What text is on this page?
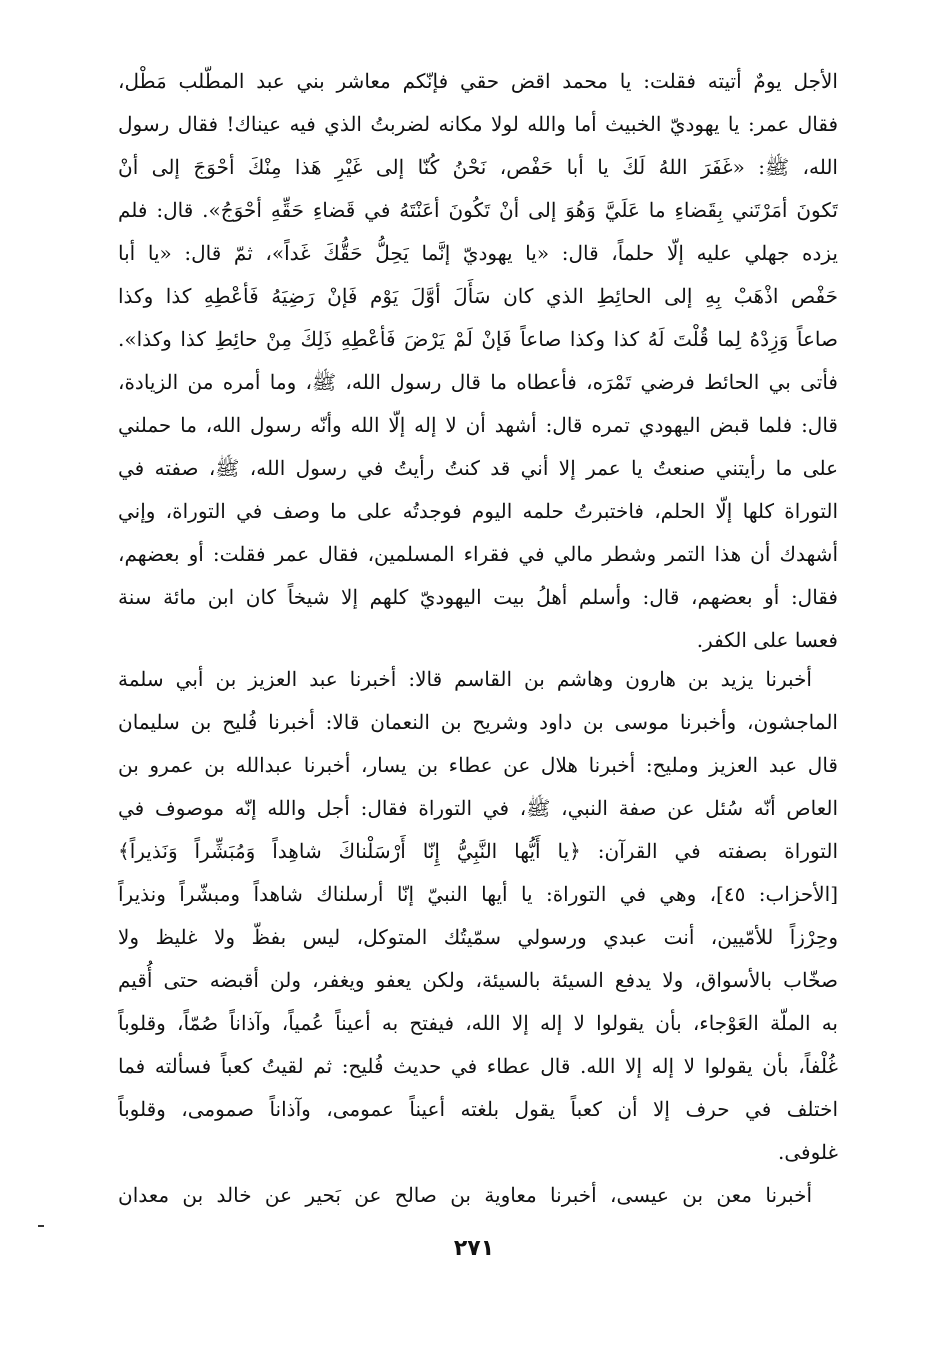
الأجل يومٌ أتيته فقلت: يا محمد اقض حقي فإنّكم معاشر بني عبد المطّلب مَطْل،
فقال عمر: يا يهوديّ الخبيث أما والله لولا مكانه لضربتُ الذي فيه عيناك! فقال رسول
الله، ﷺ: «غَفَرَ اللهُ لَكَ يا أبا حَفْص، نَحْنُ كُنّا إلى غَيْرِ هَذا مِنْكَ أحْوَجَ إلى أنْ
تَكونَ أمَرْتَني بِقَضاءِ ما عَلَيَّ وَهُوَ إلى أنْ تَكُونَ أعَنْتَهُ في قَضاءِ حَقِّهِ أحْوَجُ». قال: فلم
يزده جهلي عليه إلّا حلماً، قال: «يا يهوديّ إنَّما يَحِلُّ حَقُّكَ غَداً»، ثمّ قال: «يا أبا
حَفْص اذْهَبْ بِهِ إلى الحائِطِ الذي كان سَأَلَ أوَّلَ يَوْم فَإنْ رَضِيَهُ فَأعْطِهِ كذا وكذا
صاعاً وَزِدْهُ لِما قُلْتَ لَهُ كذا وكذا صاعاً فَإنْ لَمْ يَرْضَ فَأعْطِهِ ذَلِكَ مِنْ حائِطِ كذا وكذا».
فأتى بي الحائط فرضي تَمْرَه، فأعطاه ما قال رسول الله، ﷺ، وما أمره من الزيادة،
قال: فلما قبض اليهودي تمره قال: أشهد أن لا إله إلّا الله وأنّه رسول الله، ما حملني
على ما رأيتني صنعتُ يا عمر إلا أني قد كنتُ رأيتُ في رسول الله، ﷺ، صفته في
التوراة كلها إلّا الحلم، فاختبرتُ حلمه اليوم فوجدتُه على ما وصف في التوراة، وإني
أشهدك أن هذا التمر وشطر مالي في فقراء المسلمين، فقال عمر فقلت: أو بعضهم،
فقال: أو بعضهم، قال: وأسلم أهلُ بيت اليهوديّ كلهم إلا شيخاً كان ابن مائة سنة
فعسا على الكفر.
أخبرنا يزيد بن هارون وهاشم بن القاسم قالا: أخبرنا عبد العزيز بن أبي سلمة
الماجشون، وأخبرنا موسى بن داود وشريح بن النعمان قالا: أخبرنا فُليح بن سليمان
قال عبد العزيز ومليح: أخبرنا هلال عن عطاء بن يسار، أخبرنا عبدالله بن عمرو بن
العاص أنّه سُئل عن صفة النبي، ﷺ، في التوراة فقال: أجل والله إنّه موصوف في
التوراة بصفته في القرآن: ﴿يا أَيُّها النَّبِيُّ إِنّا أَرْسَلْناكَ شاهِداً وَمُبَشِّراً وَنَذيراً﴾
[الأحزاب: ٤٥]، وهي في التوراة: يا أيها النبيّ إنّا أرسلناك شاهداً ومبشّراً ونذيراً
وحِرْزاً للأمّيين، أنت عبدي ورسولي سمّيتُك المتوكل، ليس بفظّ ولا غليظ ولا
صخّاب بالأسواق، ولا يدفع السيئة بالسيئة، ولكن يعفو ويغفر، ولن أقبضه حتى أُقيم
به الملّة العَوْجاء، بأن يقولوا لا إله إلا الله، فيفتح به أعيناً عُمياً، وآذاناً صُمّاً، وقلوباً
غُلْفاً، بأن يقولوا لا إله إلا الله. قال عطاء في حديث فُليح: ثم لقيتُ كعباً فسألته فما
اختلف في حرف إلا أن كعباً يقول بلغته أعيناً عمومى، وآذاناً صمومى، وقلوباً
غلوفى.
أخبرنا معن بن عيسى، أخبرنا معاوية بن صالح عن بَحير عن خالد بن معدان
٢٧١
